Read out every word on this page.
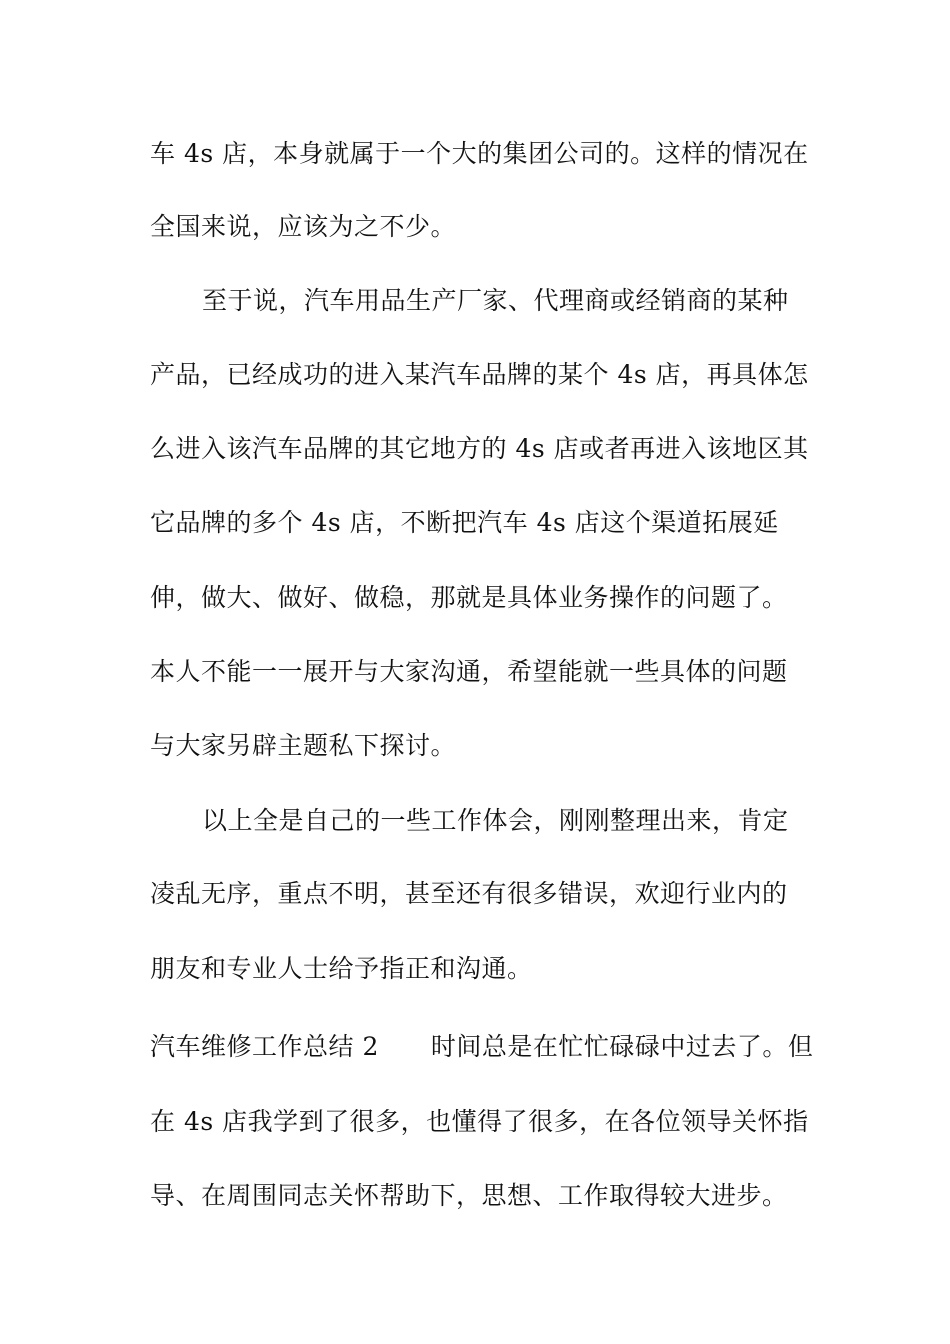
车 4s 店，本身就属于一个大的集团公司的。这样的情况在
全国来说，应该为之不少。
至于说，汽车用品生产厂家、代理商或经销商的某种
产品，已经成功的进入某汽车品牌的某个 4s 店，再具体怎
么进入该汽车品牌的其它地方的 4s 店或者再进入该地区其
它品牌的多个 4s 店，不断把汽车 4s 店这个渠道拓展延
伸，做大、做好、做稳，那就是具体业务操作的问题了。
本人不能一一展开与大家沟通，希望能就一些具体的问题
与大家另辟主题私下探讨。
以上全是自己的一些工作体会，刚刚整理出来，肯定
凌乱无序，重点不明，甚至还有很多错误，欢迎行业内的
朋友和专业人士给予指正和沟通。
汽车维修工作总结 2 时间总是在忙忙碌碌中过去了。但
在 4s 店我学到了很多，也懂得了很多，在各位领导关怀指
导、在周围同志关怀帮助下，思想、工作取得较大进步。
